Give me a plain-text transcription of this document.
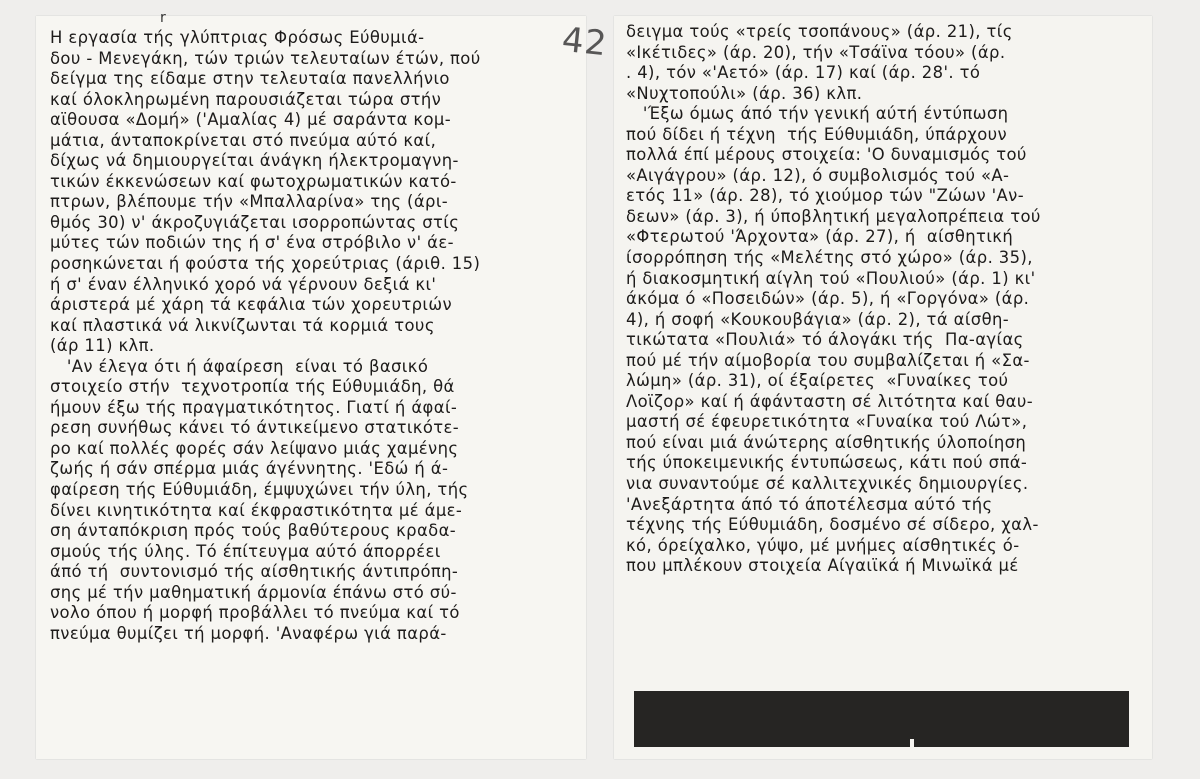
Η εργασία τής γλύπτριας Φρόσως Εύθυμιά-
δου - Μενεγάκη, τών τριών τελευταίων έτών, πού
δείγμα της είδαμε στην τελευταία πανελλήνιο
καί όλοκληρωμένη παρουσιάζεται τώρα στήν
αϊθουσα «Δομή» ('Αμαλίας 4) μέ σαράντα κομ-
μάτια, άνταποκρίνεται στό πνεύμα αύτό καί,
δίχως νά δημιουργείται άνάγκη ήλεκτρομαγνη-
τικών έκκενώσεων καί φωτοχρωματικών κατό-
πτρων, βλέπουμε τήν «Μπαλλαρίνα» της (άρι-
θμός 30) ν' άκροζυγιάζεται ισορροπώντας στίς
μύτες τών ποδιών της ή σ' ένα στρόβιλο ν' άε-
ροσηκώνεται ή φούστα τής χορεύτριας (άριθ. 15)
ή σ' έναν έλληνικό χορό νά γέρνουν δεξιά κι'
άριστερά μέ χάρη τά κεφάλια τών χορευτριών
καί πλαστικά νά λικνίζωνται τά κορμιά τους
(άρ 11) κλπ.
'Αν έλεγα ότι ή άφαίρεση  είναι τό βασικό
στοιχείο στήν  τεχνοτροπία τής Εύθυμιάδη, θά
ήμουν έξω τής πραγματικότητος. Γιατί ή άφαί-
ρεση συνήθως κάνει τό άντικείμενο στατικότε-
ρο καί πολλές φορές σάν λείψανο μιάς χαμένης
ζωής ή σάν σπέρμα μιάς άγέννητης. 'Εδώ ή ά-
φαίρεση τής Εύθυμιάδη, έμψυχώνει τήν ύλη, τής
δίνει κινητικότητα καί έκφραστικότητα μέ άμε-
ση άνταπόκριση πρός τούς βαθύτερους κραδα-
σμούς τής ύλης. Τό έπίτευγμα αύτό άπορρέει
άπό τή  συντονισμό τής αίσθητικής άντιπρόπη-
σης μέ τήν μαθηματική άρμονία έπάνω στό σύ-
νολο όπου ή μορφή προβάλλει τό πνεύμα καί τό
πνεύμα θυμίζει τή μορφή. 'Αναφέρω γιά παρά-
δειγμα τούς «τρείς τσοπάνους» (άρ. 21), τίς
«Ικέτιδες» (άρ. 20), τήν «Τσάϊνα τόου» (άρ.
. 4), τόν «'Αετό» (άρ. 17) καί (άρ. 28'. τό
«Νυχτοπούλι» (άρ. 36) κλπ.
'Έξω όμως άπό τήν γενική αύτή έντύπωση
πού δίδει ή τέχνη  τής Εύθυμιάδη, ύπάρχουν
πολλά έπί μέρους στοιχεία: 'Ο δυναμισμός τού
«Αιγάγρου» (άρ. 12), ό συμβολισμός τού «Α-
ετός 11» (άρ. 28), τό χιούμορ τών "Ζώων 'Αν-
δεων» (άρ. 3), ή ύποβλητική μεγαλοπρέπεια τού
«Φτερωτού 'Άρχοντα» (άρ. 27), ή  αίσθητική
ίσορρόπηση τής «Μελέτης στό χώρο» (άρ. 35),
ή διακοσμητική αίγλη τού «Πουλιού» (άρ. 1) κι'
άκόμα ό «Ποσειδών» (άρ. 5), ή «Γοργόνα» (άρ.
4), ή σοφή «Κουκουβάγια» (άρ. 2), τά αίσθη-
τικώτατα «Πουλιά» τό άλογάκι τής  Πα-αγίας
πού μέ τήν αίμοβορία του συμβαλίζεται ή «Σα-
λώμη» (άρ. 31), οί έξαίρετες  «Γυναίκες τού
Λοϊζορ» καί ή άφάνταστη σέ λιτότητα καί θαυ-
μαστή σέ έφευρετικότητα «Γυναίκα τού Λώτ»,
πού είναι μιά άνώτερης αίσθητικής ύλοποίηση
τής ύποκειμενικής έντυπώσεως, κάτι πού σπά-
νια συναντούμε σέ καλλιτεχνικές δημιουργίες.
'Ανεξάρτητα άπό τό άποτέλεσμα αύτό τής
τέχνης τής Εύθυμιάδη, δοσμένο σέ σίδερο, χαλ-
κό, όρείχαλκο, γύψο, μέ μνήμες αίσθητικές ό-
που μπλέκουν στοιχεία Αίγαιϊκά ή Μινωϊκά μέ
r
42
